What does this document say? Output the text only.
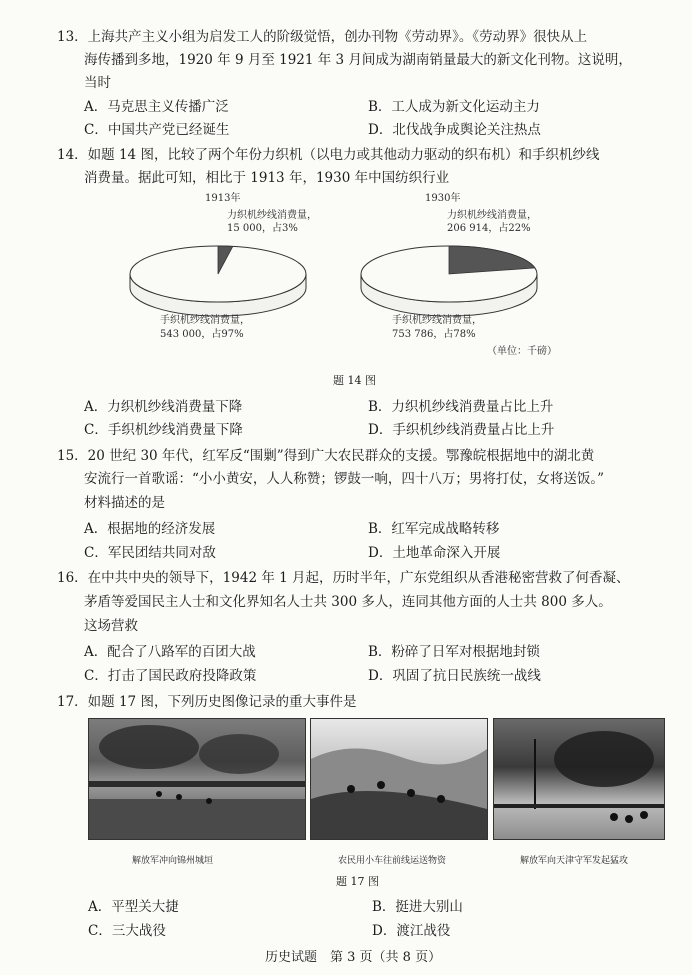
13．上海共产主义小组为启发工人的阶级觉悟，创办刊物《劳动界》。《劳动界》很快从上
海传播到多地，1920 年 9 月至 1921 年 3 月间成为湖南销量最大的新文化刊物。这说明，
当时
A．马克思主义传播广泛	B．工人成为新文化运动主力
C．中国共产党已经诞生	D．北伐战争成舆论关注热点
14．如题 14 图，比较了两个年份力织机（以电力或其他动力驱动的织布机）和手织机纱线
消费量。据此可知，相比于 1913 年，1930 年中国纺织行业
1913年
力织机纱线消费量，
15 000，占3%
手织机纱线消费量，
543 000，占97%
1930年
力织机纱线消费量，
206 914，占22%
手织机纱线消费量，
753 786，占78%
（单位：千磅）
题 14 图
A．力织机纱线消费量下降	B．力织机纱线消费量占比上升
C．手织机纱线消费量下降	D．手织机纱线消费量占比上升
15．20 世纪 30 年代，红军反“围剿”得到广大农民群众的支援。鄂豫皖根据地中的湖北黄
安流行一首歌谣：“小小黄安，人人称赞；锣鼓一响，四十八万；男将打仗，女将送饭。”
材料描述的是
A．根据地的经济发展	B．红军完成战略转移
C．军民团结共同对敌	D．土地革命深入开展
16．在中共中央的领导下，1942 年 1 月起，历时半年，广东党组织从香港秘密营救了何香凝、
茅盾等爱国民主人士和文化界知名人士共 300 多人，连同其他方面的人士共 800 多人。
这场营救
A．配合了八路军的百团大战	B．粉碎了日军对根据地封锁
C．打击了国民政府投降政策	D．巩固了抗日民族统一战线
17．如题 17 图，下列历史图像记录的重大事件是
解放军冲向锦州城垣	农民用小车往前线运送物资	解放军向天津守军发起猛攻
题 17 图
A．平型关大捷	B．挺进大别山
C．三大战役	D．渡江战役
历史试题　第 3 页（共 8 页）
